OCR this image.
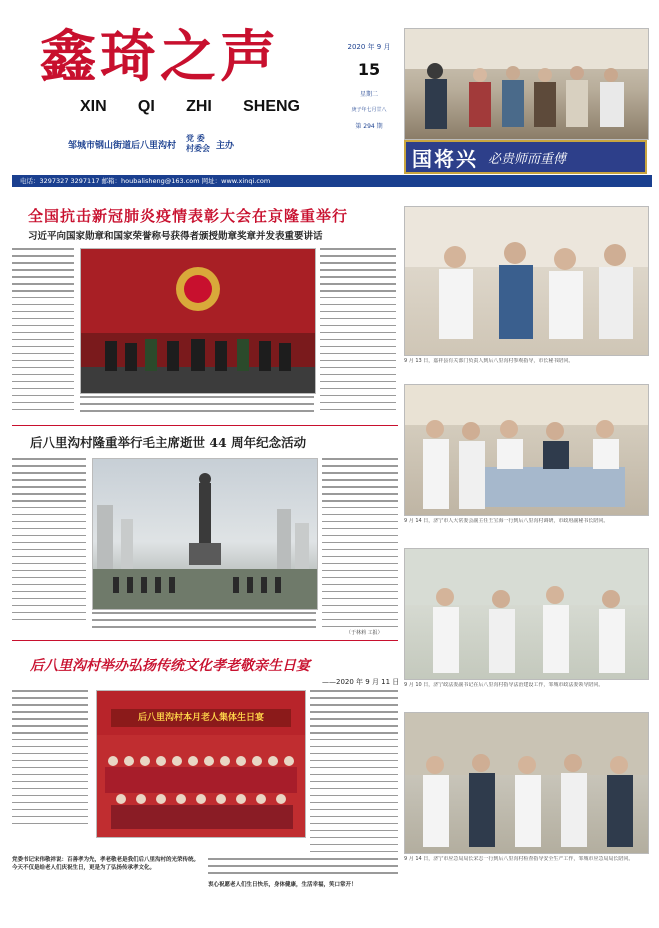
鑫琦之声
XIN QI ZHI SHENG
邹城市钢山街道后八里沟村
党 委
村委会 主办
2020 年 9 月
15
星期二
庚子年七月廿八
第 294 期
国将兴 必贵师而重傅
电话：3297327 3297117 邮箱：houbalisheng@163.com 网址：www.xinqi.com
全国抗击新冠肺炎疫情表彰大会在京隆重举行
习近平向国家勋章和国家荣誉称号获得者颁授勋章奖章并发表重要讲话
后八里沟村隆重举行毛主席逝世 44 周年纪念活动
（于林莉 工报）
后八里沟村举办弘扬传统文化孝老敬亲生日宴
——2020 年 9 月 11 日
后八里沟村本月老人集体生日宴
党委书记宋伟敬祥说：百善孝为先，孝老敬老是我们后八里沟村的光荣传统。今天不仅是给老人们庆祝生日，更是为了弘扬传承孝文化。
衷心祝愿老人们生日快乐，身体健康，生活幸福，笑口常开！
9 月 13 日，嘉祥县有关部门负责人到后八里沟村参观指导，市长秘书陪同。
9 月 14 日，济宁市人大常委会副主任王宝海一行到后八里沟村调研，市政府副秘书长陪同。
9 月 10 日，济宁政法委副书记在后八里沟村指导法治建设工作，邹城市政法委领导陪同。
9 月 14 日，济宁市应急局局长宋志一行到后八里沟村检查指导安全生产工作，邹城市应急局局长陪同。
